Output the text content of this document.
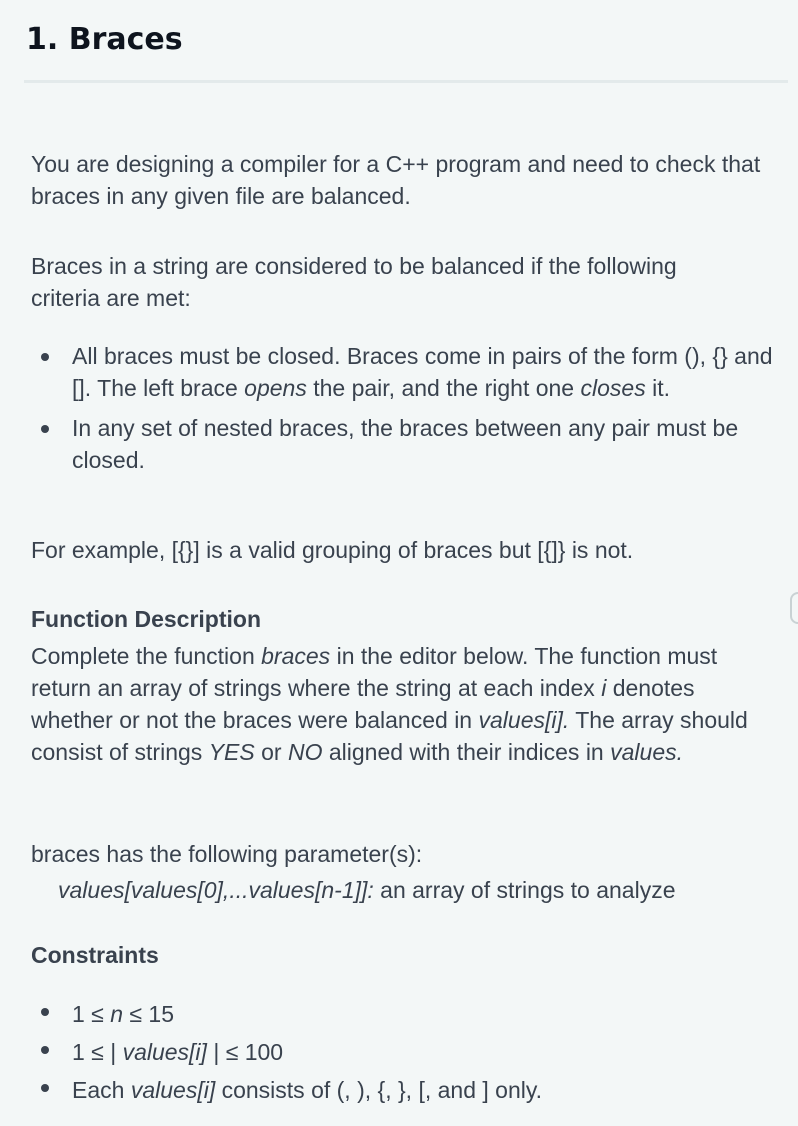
1. Braces

You are designing a compiler for a C++ program and need to check that braces in any given file are balanced.

Braces in a string are considered to be balanced if the following criteria are met:

All braces must be closed. Braces come in pairs of the form (), {} and []. The left brace opens the pair, and the right one closes it.
In any set of nested braces, the braces between any pair must be closed.

For example, [{}] is a valid grouping of braces but [{]} is not.

Function Description

Complete the function braces in the editor below. The function must return an array of strings where the string at each index i denotes whether or not the braces were balanced in values[i]. The array should consist of strings YES or NO aligned with their indices in values.

braces has the following parameter(s):

values[values[0],...values[n-1]]: an array of strings to analyze

Constraints
1 ≤ n ≤ 15
1 ≤ | values[i] | ≤ 100
Each values[i] consists of (, ), {, }, [, and ] only.
